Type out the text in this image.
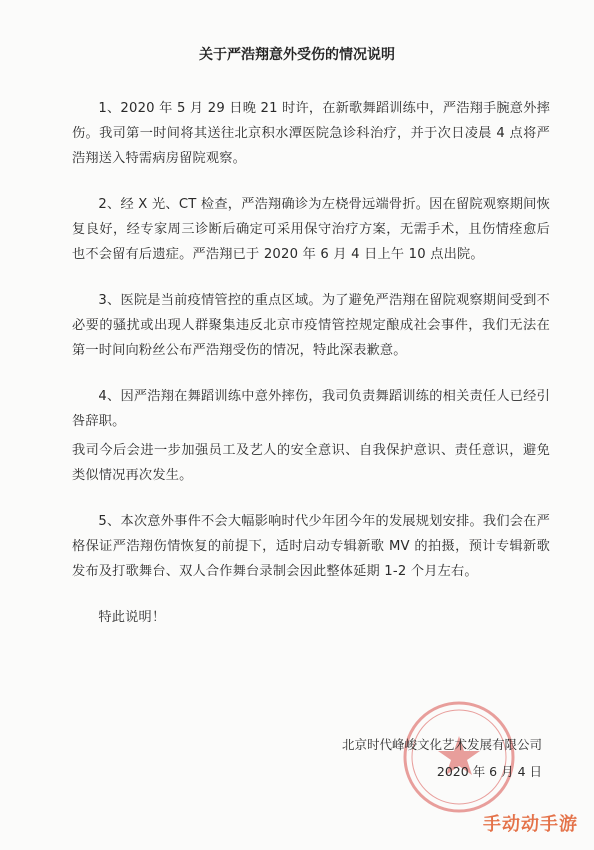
关于严浩翔意外受伤的情况说明

1、2020 年 5 月 29 日晚 21 时许，在新歌舞蹈训练中，严浩翔手腕意外摔伤。我司第一时间将其送往北京积水潭医院急诊科治疗，并于次日凌晨 4 点将严浩翔送入特需病房留院观察。

2、经 X 光、CT 检查，严浩翔确诊为左桡骨远端骨折。因在留院观察期间恢复良好，经专家周三诊断后确定可采用保守治疗方案，无需手术，且伤情痊愈后也不会留有后遗症。严浩翔已于 2020 年 6 月 4 日上午 10 点出院。

3、医院是当前疫情管控的重点区域。为了避免严浩翔在留院观察期间受到不必要的骚扰或出现人群聚集违反北京市疫情管控规定酿成社会事件，我们无法在第一时间向粉丝公布严浩翔受伤的情况，特此深表歉意。

4、因严浩翔在舞蹈训练中意外摔伤，我司负责舞蹈训练的相关责任人已经引咎辞职。

我司今后会进一步加强员工及艺人的安全意识、自我保护意识、责任意识，避免类似情况再次发生。

5、本次意外事件不会大幅影响时代少年团今年的发展规划安排。我们会在严格保证严浩翔伤情恢复的前提下，适时启动专辑新歌 MV 的拍摄，预计专辑新歌发布及打歌舞台、双人合作舞台录制会因此整体延期 1-2 个月左右。

特此说明！

北京时代峰峻文化艺术发展有限公司
2020 年 6 月 4 日
手动动手游
